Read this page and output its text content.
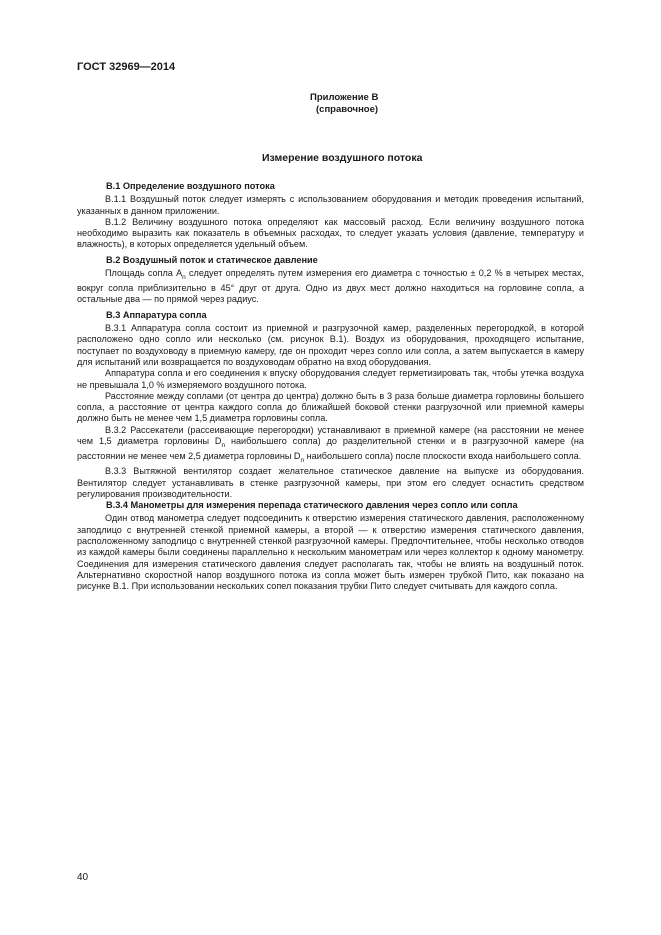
ГОСТ 32969—2014
Приложение В
(справочное)
Измерение воздушного потока
В.1 Определение воздушного потока

В.1.1 Воздушный поток следует измерять с использованием оборудования и методик проведения испытаний, указанных в данном приложении.

В.1.2 Величину воздушного потока определяют как массовый расход. Если величину воздушного потока необходимо выразить как показатель в объемных расходах, то следует указать условия (давление, температуру и влажность), в которых определяется удельный объем.

В.2 Воздушный поток и статическое давление

Площадь сопла $A_n$ следует определять путем измерения его диаметра с точностью ± 0,2 % в четырех местах, вокруг сопла приблизительно в 45° друг от друга. Одно из двух мест должно находиться на горловине сопла, а остальные два — по прямой через радиус.

В.3 Аппаратура сопла

В.3.1 Аппаратура сопла состоит из приемной и разгрузочной камер, разделенных перегородкой, в которой расположено одно сопло или несколько (см. рисунок В.1). Воздух из оборудования, проходящего испытание, поступает по воздуховоду в приемную камеру, где он проходит через сопло или сопла, а затем выпускается в камеру для испытаний или возвращается по воздуховодам обратно на вход оборудования.

Аппаратура сопла и его соединения к впуску оборудования следует герметизировать так, чтобы утечка воздуха не превышала 1,0 % измеряемого воздушного потока.

Расстояние между соплами (от центра до центра) должно быть в 3 раза больше диаметра горловины большего сопла, а расстояние от центра каждого сопла до ближайшей боковой стенки разгрузочной или приемной камеры должно быть не менее чем 1,5 диаметра горловины сопла.

В.3.2 Рассекатели (рассеивающие перегородки) устанавливают в приемной камере (на расстоянии не менее чем 1,5 диаметра горловины $D_n$ наибольшего сопла) до разделительной стенки и в разгрузочной камере (на расстоянии не менее чем 2,5 диаметра горловины $D_n$ наибольшего сопла) после плоскости входа наибольшего сопла.

В.3.3 Вытяжной вентилятор создает желательное статическое давление на выпуске из оборудования. Вентилятор следует устанавливать в стенке разгрузочной камеры, при этом его следует оснастить средством регулирования производительности.

В.3.4 Манометры для измерения перепада статического давления через сопло или сопла

Один отвод манометра следует подсоединить к отверстию измерения статического давления, расположенному заподлицо с внутренней стенкой приемной камеры, а второй — к отверстию измерения статического давления, расположенному заподлицо с внутренней стенкой разгрузочной камеры. Предпочтительнее, чтобы несколько отводов из каждой камеры были соединены параллельно к нескольким манометрам или через коллектор к одному манометру. Соединения для измерения статического давления следует располагать так, чтобы не влиять на воздушный поток. Альтернативно скоростной напор воздушного потока из сопла может быть измерен трубкой Пито, как показано на рисунке В.1. При использовании нескольких сопел показания трубки Пито следует считывать для каждого сопла.

40
